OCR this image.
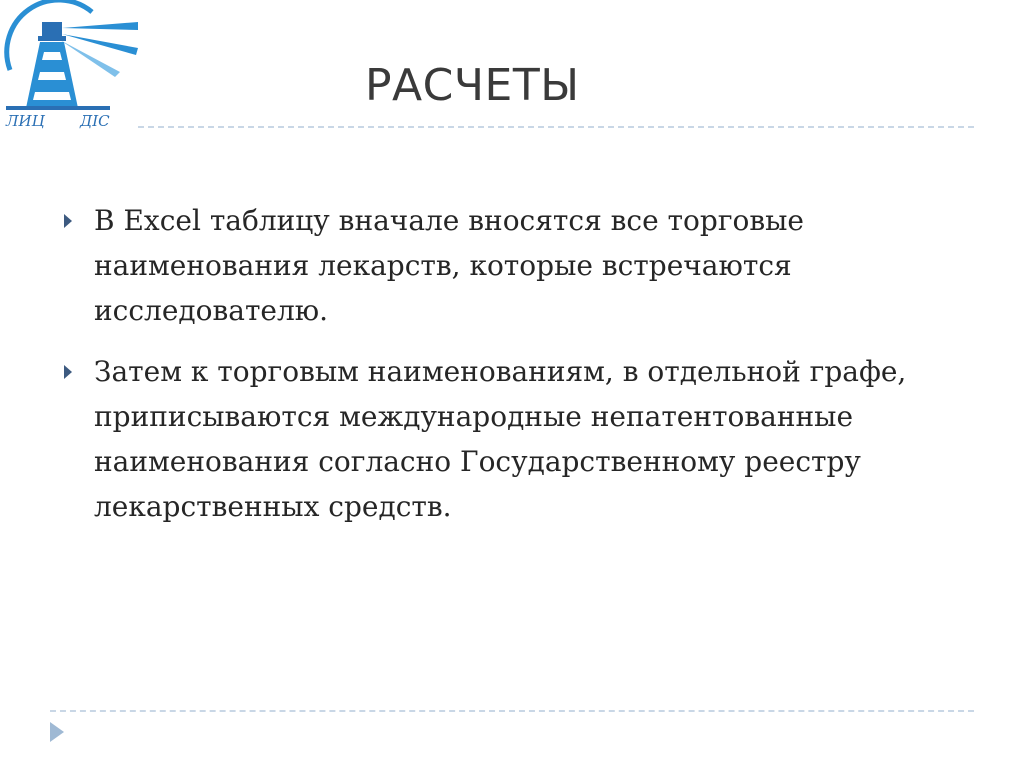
ЛИЦ ДІС
РАСЧЕТЫ
В Excel таблицу вначале вносятся все торговые наименования лекарств, которые встречаются исследователю.
Затем к торговым наименованиям, в отдельной графе, приписываются международные непатентованные наименования согласно Государственному реестру лекарственных средств.
